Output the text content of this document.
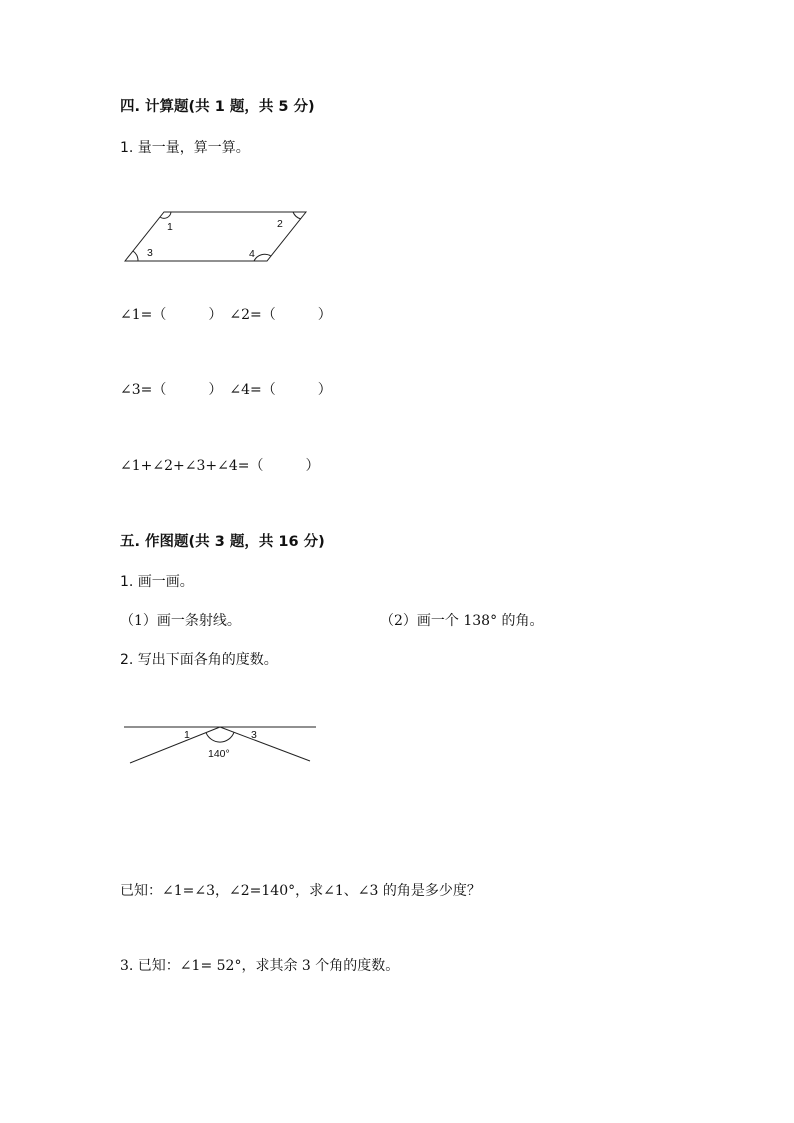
四. 计算题(共 1 题，共 5 分)
1. 量一量，算一算。
1	2
3	4
∠1=（　　　）　∠2=（　　　）
∠3=（　　　）　∠4=（　　　）
∠1+∠2+∠3+∠4=（　　　）
五. 作图题(共 3 题，共 16 分)
1. 画一画。
（1）画一条射线。	（2）画一个 138° 的角。
2. 写出下面各角的度数。
1	3
140°
已知：∠1=∠3，∠2=140°，求∠1、∠3 的角是多少度？
3. 已知：∠1= 52°，求其余 3 个角的度数。
